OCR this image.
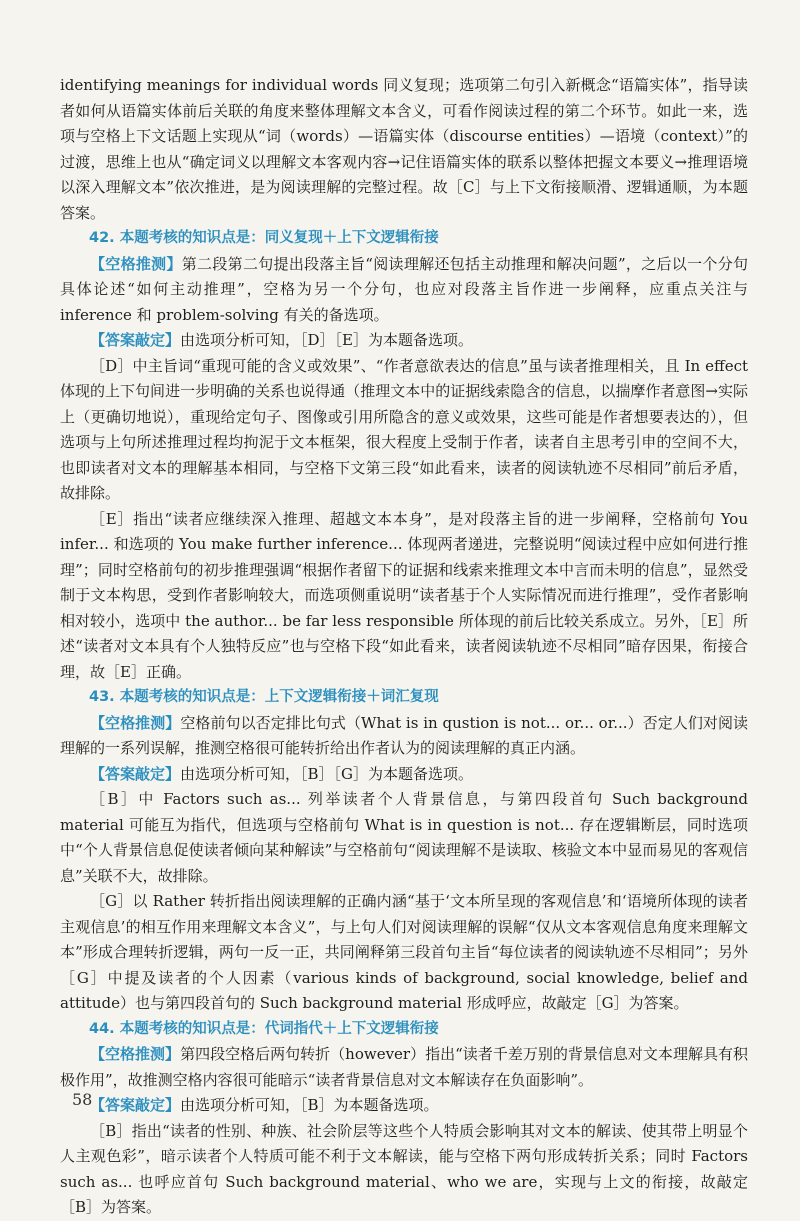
identifying meanings for individual words 同义复现；选项第二句引入新概念“语篇实体”，指导读者如何从语篇实体前后关联的角度来整体理解文本含义，可看作阅读过程的第二个环节。如此一来，选项与空格上下文话题上实现从“词（words）—语篇实体（discourse entities）—语境（context）”的过渡，思维上也从“确定词义以理解文本客观内容→记住语篇实体的联系以整体把握文本要义→推理语境以深入理解文本”依次推进，是为阅读理解的完整过程。故［C］与上下文衔接顺滑、逻辑通顺，为本题答案。

42. 本题考核的知识点是：同义复现＋上下文逻辑衔接

【空格推测】第二段第二句提出段落主旨“阅读理解还包括主动推理和解决问题”，之后以一个分句具体论述“如何主动推理”，空格为另一个分句，也应对段落主旨作进一步阐释，应重点关注与 inference 和 problem-solving 有关的备选项。

【答案敲定】由选项分析可知，［D］［E］为本题备选项。

［D］中主旨词“重现可能的含义或效果”、“作者意欲表达的信息”虽与读者推理相关，且 In effect 体现的上下句间进一步明确的关系也说得通（推理文本中的证据线索隐含的信息，以揣摩作者意图→实际上（更确切地说），重现给定句子、图像或引用所隐含的意义或效果，这些可能是作者想要表达的），但选项与上句所述推理过程均拘泥于文本框架，很大程度上受制于作者，读者自主思考引申的空间不大，也即读者对文本的理解基本相同，与空格下文第三段“如此看来，读者的阅读轨迹不尽相同”前后矛盾，故排除。

［E］指出“读者应继续深入推理、超越文本本身”，是对段落主旨的进一步阐释，空格前句 You infer... 和选项的 You make further inference... 体现两者递进，完整说明“阅读过程中应如何进行推理”；同时空格前句的初步推理强调“根据作者留下的证据和线索来推理文本中言而未明的信息”，显然受制于文本构思，受到作者影响较大，而选项侧重说明“读者基于个人实际情况而进行推理”，受作者影响相对较小，选项中 the author... be far less responsible 所体现的前后比较关系成立。另外，［E］所述“读者对文本具有个人独特反应”也与空格下段“如此看来，读者阅读轨迹不尽相同”暗存因果，衔接合理，故［E］正确。

43. 本题考核的知识点是：上下文逻辑衔接＋词汇复现

【空格推测】空格前句以否定排比句式（What is in qustion is not... or... or...）否定人们对阅读理解的一系列误解，推测空格很可能转折给出作者认为的阅读理解的真正内涵。

【答案敲定】由选项分析可知，［B］［G］为本题备选项。

［B］中 Factors such as... 列举读者个人背景信息，与第四段首句 Such background material 可能互为指代，但选项与空格前句 What is in question is not... 存在逻辑断层，同时选项中“个人背景信息促使读者倾向某种解读”与空格前句“阅读理解不是读取、核验文本中显而易见的客观信息”关联不大，故排除。

［G］以 Rather 转折指出阅读理解的正确内涵“基于‘文本所呈现的客观信息’和‘语境所体现的读者主观信息’的相互作用来理解文本含义”，与上句人们对阅读理解的误解“仅从文本客观信息角度来理解文本”形成合理转折逻辑，两句一反一正，共同阐释第三段首句主旨“每位读者的阅读轨迹不尽相同”；另外［G］中提及读者的个人因素（various kinds of background, social knowledge, belief and attitude）也与第四段首句的 Such background material 形成呼应，故敲定［G］为答案。

44. 本题考核的知识点是：代词指代＋上下文逻辑衔接

【空格推测】第四段空格后两句转折（however）指出“读者千差万别的背景信息对文本理解具有积极作用”，故推测空格内容很可能暗示“读者背景信息对文本解读存在负面影响”。

【答案敲定】由选项分析可知，［B］为本题备选项。

［B］指出“读者的性别、种族、社会阶层等这些个人特质会影响其对文本的解读、使其带上明显个人主观色彩”，暗示读者个人特质可能不利于文本解读，能与空格下两句形成转折关系；同时 Factors such as... 也呼应首句 Such background material、who we are，实现与上文的衔接，故敲定［B］为答案。

58
